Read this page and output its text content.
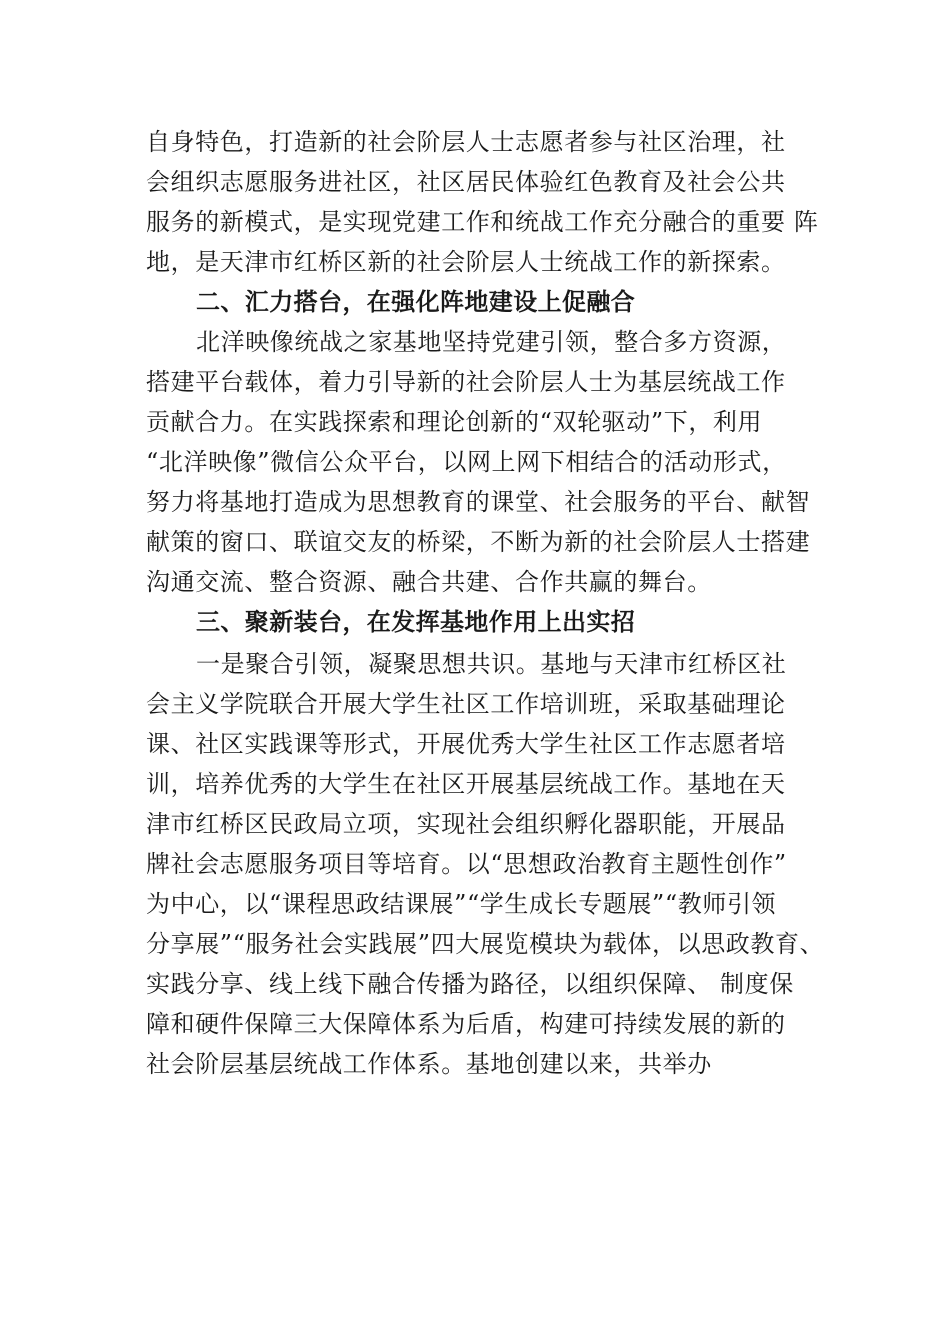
自身特色，打造新的社会阶层人士志愿者参与社区治理，社
会组织志愿服务进社区，社区居民体验红色教育及社会公共
服务的新模式，是实现党建工作和统战工作充分融合的重要 阵
地，是天津市红桥区新的社会阶层人士统战工作的新探索。
二、汇力搭台，在强化阵地建设上促融合
北洋映像统战之家基地坚持党建引领，整合多方资源，
搭建平台载体，着力引导新的社会阶层人士为基层统战工作
贡献合力。在实践探索和理论创新的“双轮驱动”下，利用
“北洋映像”微信公众平台，以网上网下相结合的活动形式，
努力将基地打造成为思想教育的课堂、社会服务的平台、献智
献策的窗口、联谊交友的桥梁，不断为新的社会阶层人士搭建
沟通交流、整合资源、融合共建、合作共赢的舞台。
三、聚新装台，在发挥基地作用上出实招
一是聚合引领，凝聚思想共识。基地与天津市红桥区社
会主义学院联合开展大学生社区工作培训班，采取基础理论
课、社区实践课等形式，开展优秀大学生社区工作志愿者培
训，培养优秀的大学生在社区开展基层统战工作。基地在天
津市红桥区民政局立项，实现社会组织孵化器职能，开展品
牌社会志愿服务项目等培育。以“思想政治教育主题性创作”
为中心，以“课程思政结课展”“学生成长专题展”“教师引领
分享展”“服务社会实践展”四大展览模块为载体，以思政教育、
实践分享、线上线下融合传播为路径，以组织保障、 制度保
障和硬件保障三大保障体系为后盾，构建可持续发展的新的
社会阶层基层统战工作体系。基地创建以来，共举办
